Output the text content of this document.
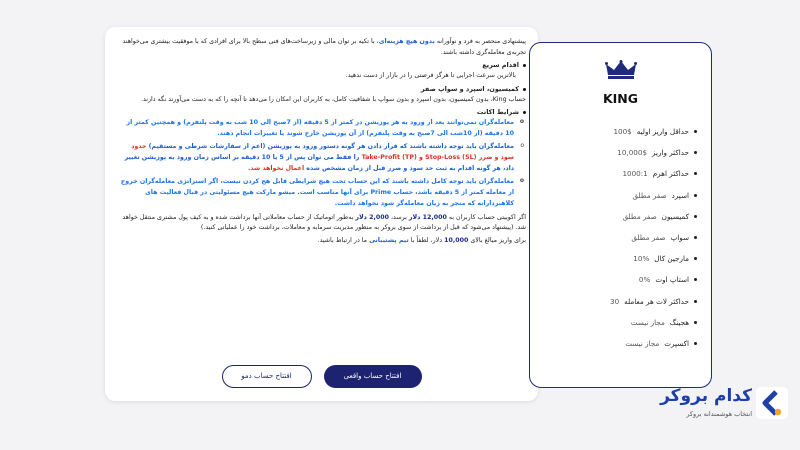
پیشنهادی منحصر به فرد و نوآورانه بدون هیچ هزینه‌ای، با تکیه بر توان مالی و زیرساخت‌های فنی سطح بالا برای افرادی که با موفقیت بیشتری می‌خواهند تجربه‌ی معامله‌گری داشته باشند.

اقدام سریع

بالاترین سرعت اجرایی تا هرگز فرصتی را در بازار از دست ندهید.

کمیسیون، اسپرد و سواپ صفر

حساب King، بدون کمیسیون، بدون اسپرد و بدون سواپ با شفافیت کامل، به کاربران این امکان را می‌دهد تا آنچه را که به دست می‌آورند نگه دارند.

شرایط اکانت
o معامله‌گران نمی‌توانند بعد از ورود به هر پوزیشن در کمتر از 5 دقیقه (از 7صبح الی 10 شب به وقت پلتفرم) و همچنین کمتر از 10 دقیقه (از 10شب الی 7صبح به وقت پلتفرم) از آن پوزیشن خارج شوند یا تغییرات انجام دهند.
o معامله‌گران باید توجه داشته باشند که قرار دادن هر گونه دستور ورود به پوزیشن (اعم از سفارشات شرطی و مستقیم) حدود سود و ضرر (SL) Stop-Loss و (TP) Take-Profit را فقط می توان پس از 5 یا 10 دقیقه بر اساس زمان ورود به پوزیشن تغییر داد، هر گونه اقدام به ثبت حد سود و ضرر قبل از زمان مشخص شده اعمال نخواهد شد.
o معامله‌گران باید توجه کامل داشته باشند که این حساب تحت هیچ شرایطی قابل هج کردن نیست، اگر استراتژی معامله‌گران خروج از معامله کمتر از 5 دقیقه باشد، حساب Prime برای آنها مناسب است. میشو مارکت هیچ مسئولیتی در قبال فعالیت های کلاهبردارانه که منجر به زیان معامله‌گر شود نخواهد داشت.

اگر اکوییتی حساب کاربران به 12,000 دلار برسد، 2,000 دلار به‌طور اتوماتیک از حساب معاملاتی آنها برداشت شده و به کیف پول مشتری منتقل خواهد شد. (پیشنهاد می‌شود که قبل از برداشت از سوی بروکر به منظور مدیریت سرمایه و معاملات، برداشت خود را عملیاتی کنید.)

برای واریز مبالغ بالای 10,000 دلار، لطفاً با تیم پشتیبانی ما در ارتباط باشید.

افتتاح حساب واقعی
افتتاح حساب دمو
KING
حداقل واریز اولیه
100$
حداکثر واریز
10,000$
حداکثر اهرم
1000:1
اسپرد
صفر مطلق
کمیسیون
صفر مطلق
سواپ
صفر مطلق
مارجین کال
10%
استاپ اوت
0%
حداکثر لات هر معامله
30
هجینگ
مجاز نیست
اکسپرت
مجاز نیست
کدام بروکر
انتخاب هوشمندانه بروکر
